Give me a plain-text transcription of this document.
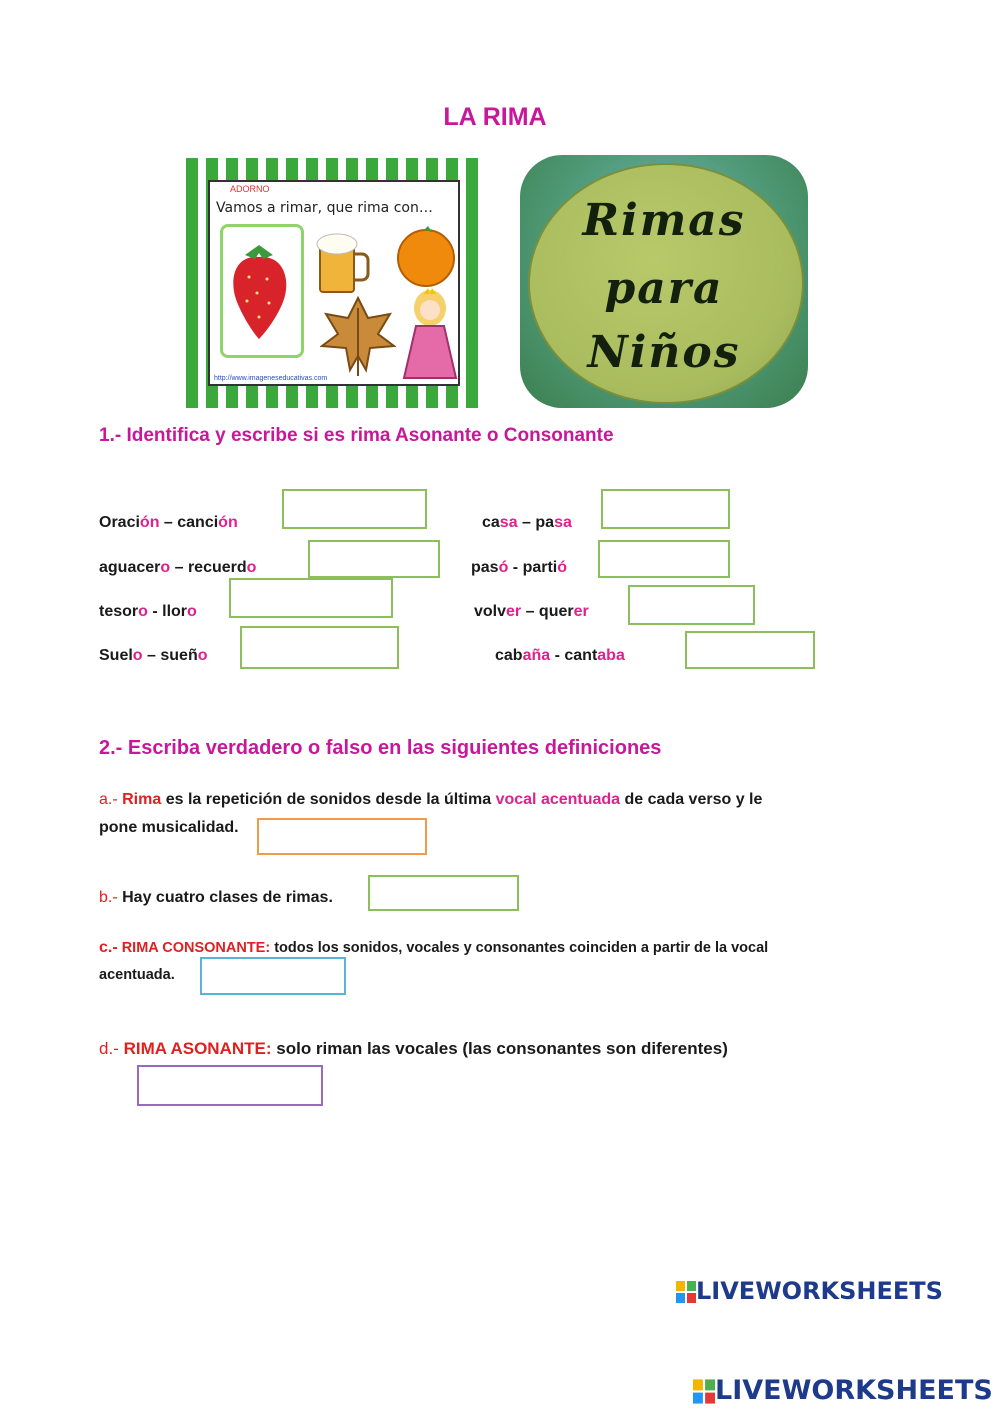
LA RIMA
ADORNO
Vamos a rimar, que rima con…
http://www.imageneseducativas.com
Rimas
para
Niños
1.- Identifica y escribe si es rima Asonante o Consonante
Oración – canción
aguacero – recuerdo
tesoro - lloro
Suelo – sueño
casa – pasa
pasó - partió
volver – querer
cabaña - cantaba
2.- Escriba verdadero o falso en las siguientes definiciones
a.- Rima es la repetición de sonidos desde la última vocal acentuada de cada verso y le
pone musicalidad.
b.- Hay cuatro clases de rimas.
c.- RIMA CONSONANTE: todos los sonidos, vocales y consonantes coinciden a partir de la vocal
acentuada.
d.- RIMA ASONANTE: solo riman las vocales (las consonantes son diferentes)
LIVEWORKSHEETS
LIVEWORKSHEETS
